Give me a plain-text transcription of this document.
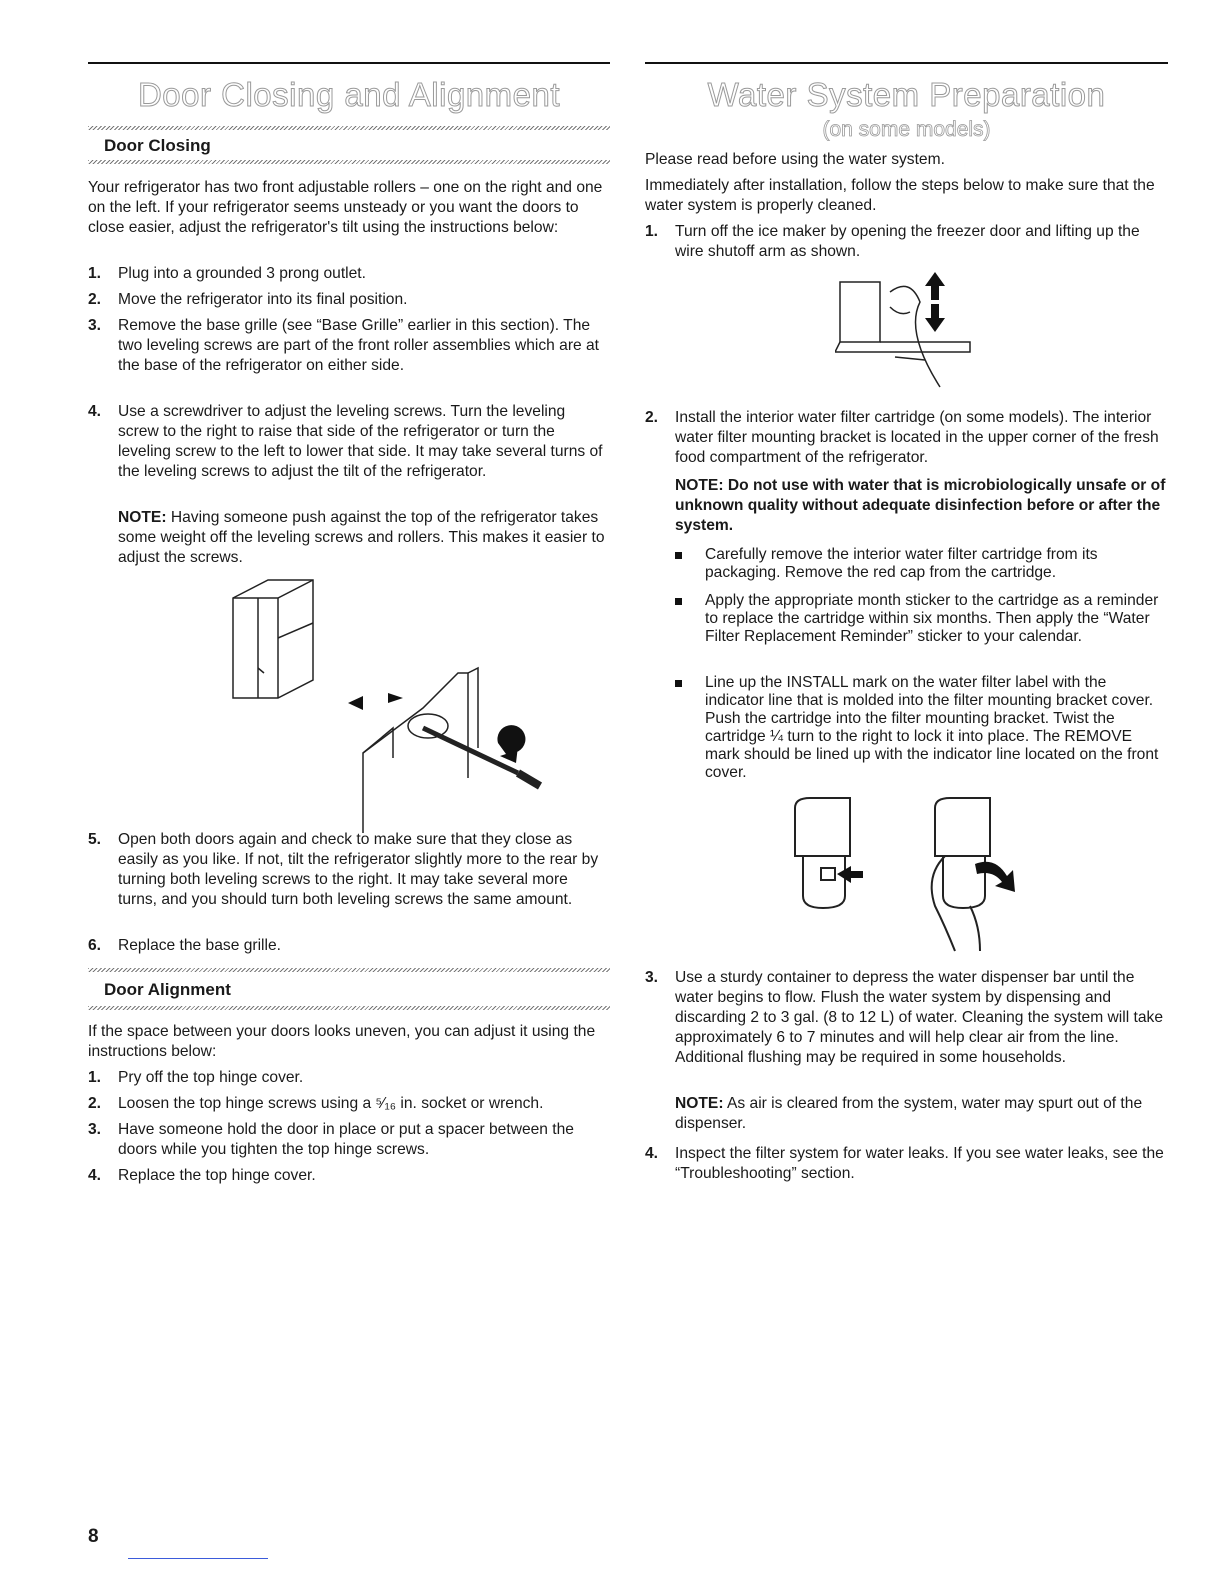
Door Closing and Alignment
Door Closing

Your refrigerator has two front adjustable rollers – one on the right and one on the left. If your refrigerator seems unsteady or you want the doors to close easier, adjust the refrigerator's tilt using the instructions below:

1. Plug into a grounded 3 prong outlet.
2. Move the refrigerator into its final position.
3. Remove the base grille (see “Base Grille” earlier in this section). The two leveling screws are part of the front roller assemblies which are at the base of the refrigerator on either side.
4. Use a screwdriver to adjust the leveling screws. Turn the leveling screw to the right to raise that side of the refrigerator or turn the leveling screw to the left to lower that side. It may take several turns of the leveling screws to adjust the tilt of the refrigerator.
NOTE: Having someone push against the top of the refrigerator takes some weight off the leveling screws and rollers. This makes it easier to adjust the screws.
5. Open both doors again and check to make sure that they close as easily as you like. If not, tilt the refrigerator slightly more to the rear by turning both leveling screws to the right. It may take several more turns, and you should turn both leveling screws the same amount.
6. Replace the base grille.
Door Alignment

If the space between your doors looks uneven, you can adjust it using the instructions below:

1. Pry off the top hinge cover.
2. Loosen the top hinge screws using a ⁵⁄₁₆ in. socket or wrench.
3. Have someone hold the door in place or put a spacer between the doors while you tighten the top hinge screws.
4. Replace the top hinge cover.
Water System Preparation
(on some models)

Please read before using the water system.

Immediately after installation, follow the steps below to make sure that the water system is properly cleaned.

1. Turn off the ice maker by opening the freezer door and lifting up the wire shutoff arm as shown.
2. Install the interior water filter cartridge (on some models). The interior water filter mounting bracket is located in the upper corner of the fresh food compartment of the refrigerator.
NOTE: Do not use with water that is microbiologically unsafe or of unknown quality without adequate disinfection before or after the system.
Carefully remove the interior water filter cartridge from its packaging. Remove the red cap from the cartridge.
Apply the appropriate month sticker to the cartridge as a reminder to replace the cartridge within six months. Then apply the “Water Filter Replacement Reminder” sticker to your calendar.
Line up the INSTALL mark on the water filter label with the indicator line that is molded into the filter mounting bracket cover. Push the cartridge into the filter mounting bracket. Twist the cartridge ¼ turn to the right to lock it into place. The REMOVE mark should be lined up with the indicator line located on the front cover.
3. Use a sturdy container to depress the water dispenser bar until the water begins to flow. Flush the water system by dispensing and discarding 2 to 3 gal. (8 to 12 L) of water. Cleaning the system will take approximately 6 to 7 minutes and will help clear air from the line. Additional flushing may be required in some households.
NOTE: As air is cleared from the system, water may spurt out of the dispenser.
4. Inspect the filter system for water leaks. If you see water leaks, see the “Troubleshooting” section.
8
